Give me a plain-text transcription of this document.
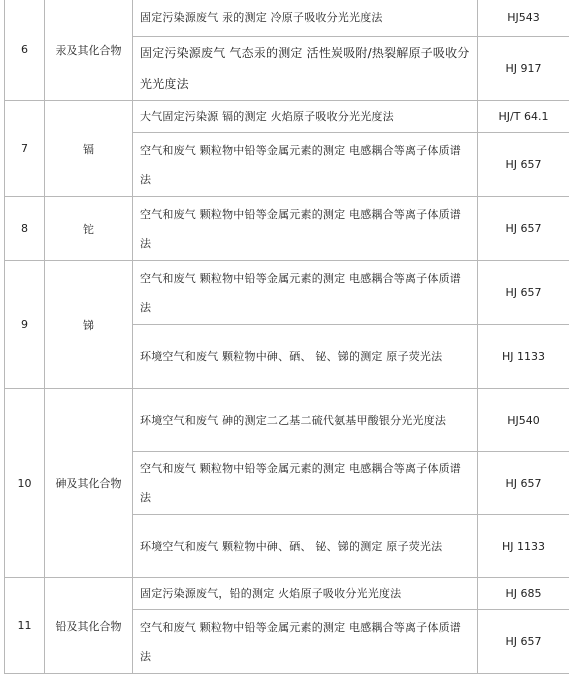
6	汞及其化合物	固定污染源废气 汞的测定 冷原子吸收分光光度法	HJ543
		固定污染源废气 气态汞的测定 活性炭吸附/热裂解原子吸收分光光度法	HJ 917
7	镉	大气固定污染源 镉的测定 火焰原子吸收分光光度法	HJ/T 64.1
		空气和废气 颗粒物中铅等金属元素的测定 电感耦合等离子体质谱法	HJ 657
8	铊	空气和废气 颗粒物中铅等金属元素的测定 电感耦合等离子体质谱法	HJ 657
9	锑	空气和废气 颗粒物中铅等金属元素的测定 电感耦合等离子体质谱法	HJ 657
		环境空气和废气 颗粒物中砷、硒、 铋、锑的测定 原子荧光法	HJ 1133
10	砷及其化合物	环境空气和废气 砷的测定二乙基二硫代氨基甲酸银分光光度法	HJ540
		空气和废气 颗粒物中铅等金属元素的测定 电感耦合等离子体质谱法	HJ 657
		环境空气和废气 颗粒物中砷、硒、 铋、锑的测定 原子荧光法	HJ 1133
11	铅及其化合物	固定污染源废气，铅的测定 火焰原子吸收分光光度法	HJ 685
		空气和废气 颗粒物中铅等金属元素的测定 电感耦合等离子体质谱法	HJ 657
